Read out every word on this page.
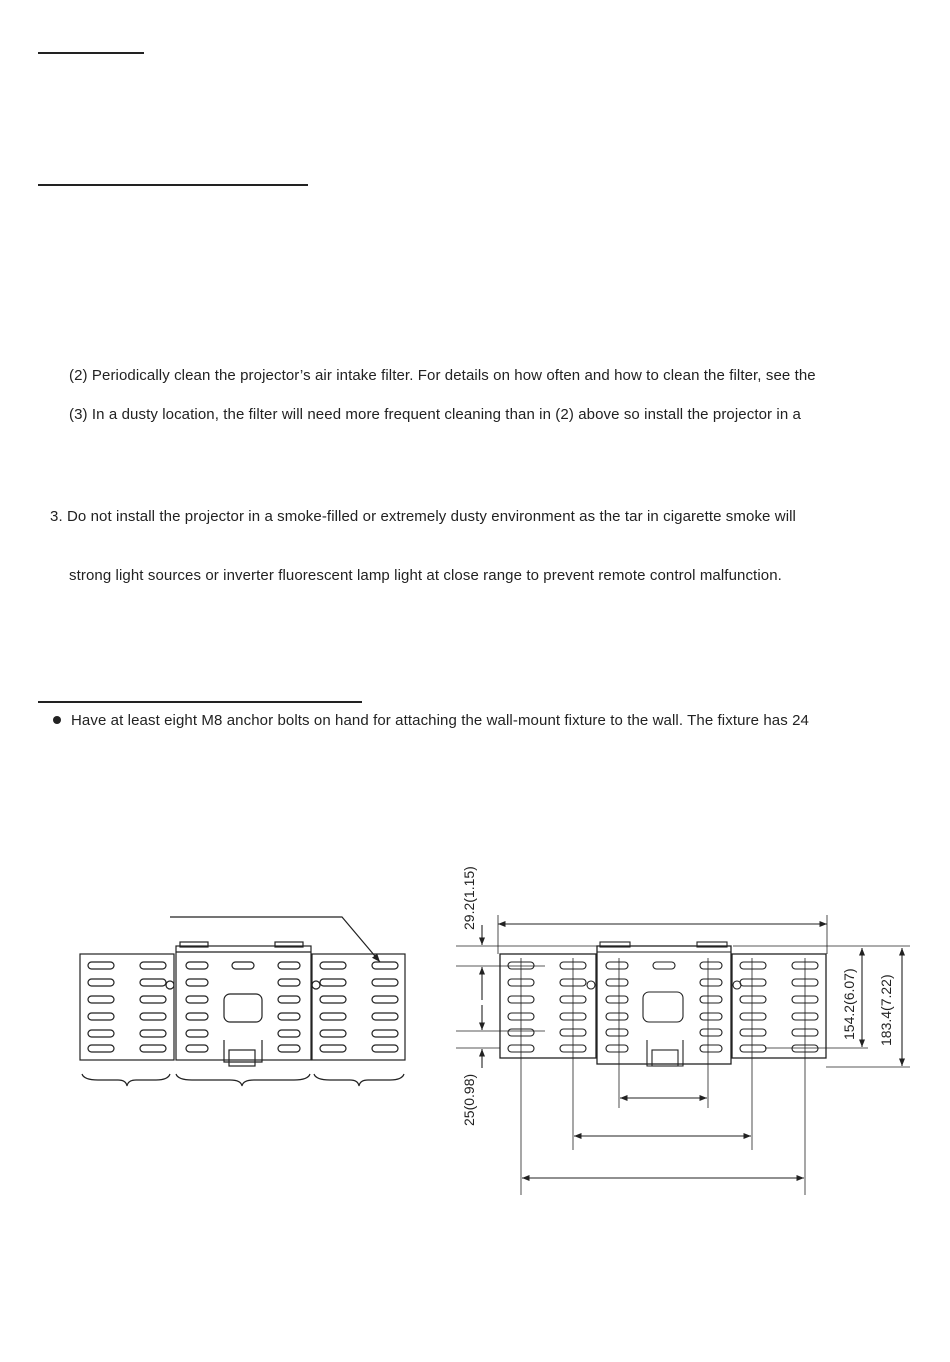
(2) Periodically clean the projector’s air intake filter. For details on how often and how to clean the filter, see the
(3) In a dusty location, the filter will need more frequent cleaning than in (2) above so install the projector in a
3. Do not install the projector in a smoke-filled or extremely dusty environment as the tar in cigarette smoke will
strong light sources or inverter fluorescent lamp light at close range to prevent remote control malfunction.
Have at least eight M8 anchor bolts on hand for attaching the wall-mount fixture to the wall. The fixture has 24
29.2(1.15)
25(0.98)
154.2(6.07) 183.4(7.22)
